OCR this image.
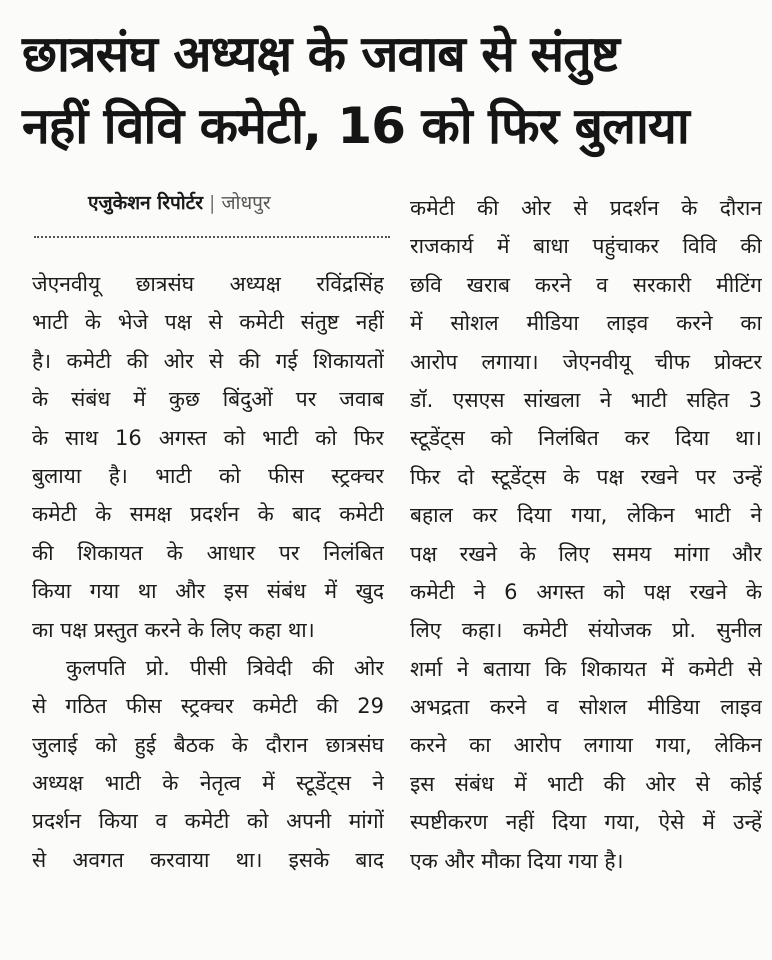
छात्रसंघ अध्यक्ष के जवाब से संतुष्ट
नहीं विवि कमेटी, 16 को फिर बुलाया
एजुकेशन रिपोर्टर | जोधपुर
जेएनवीयू छात्रसंघ अध्यक्ष रविंद्रसिंह
भाटी के भेजे पक्ष से कमेटी संतुष्ट नहीं
है। कमेटी की ओर से की गई शिकायतों
के संबंध में कुछ बिंदुओं पर जवाब
के साथ 16 अगस्त को भाटी को फिर
बुलाया है। भाटी को फीस स्ट्रक्चर
कमेटी के समक्ष प्रदर्शन के बाद कमेटी
की शिकायत के आधार पर निलंबित
किया गया था और इस संबंध में खुद
का पक्ष प्रस्तुत करने के लिए कहा था।
कुलपति प्रो. पीसी त्रिवेदी की ओर
से गठित फीस स्ट्रक्चर कमेटी की 29
जुलाई को हुई बैठक के दौरान छात्रसंघ
अध्यक्ष भाटी के नेतृत्व में स्टूडेंट्स ने
प्रदर्शन किया व कमेटी को अपनी मांगों
से अवगत करवाया था। इसके बाद
कमेटी की ओर से प्रदर्शन के दौरान
राजकार्य में बाधा पहुंचाकर विवि की
छवि खराब करने व सरकारी मीटिंग
में सोशल मीडिया लाइव करने का
आरोप लगाया। जेएनवीयू चीफ प्रोक्टर
डॉ. एसएस सांखला ने भाटी सहित 3
स्टूडेंट्स को निलंबित कर दिया था।
फिर दो स्टूडेंट्स के पक्ष रखने पर उन्हें
बहाल कर दिया गया, लेकिन भाटी ने
पक्ष रखने के लिए समय मांगा और
कमेटी ने 6 अगस्त को पक्ष रखने के
लिए कहा। कमेटी संयोजक प्रो. सुनील
शर्मा ने बताया कि शिकायत में कमेटी से
अभद्रता करने व सोशल मीडिया लाइव
करने का आरोप लगाया गया, लेकिन
इस संबंध में भाटी की ओर से कोई
स्पष्टीकरण नहीं दिया गया, ऐसे में उन्हें
एक और मौका दिया गया है।
